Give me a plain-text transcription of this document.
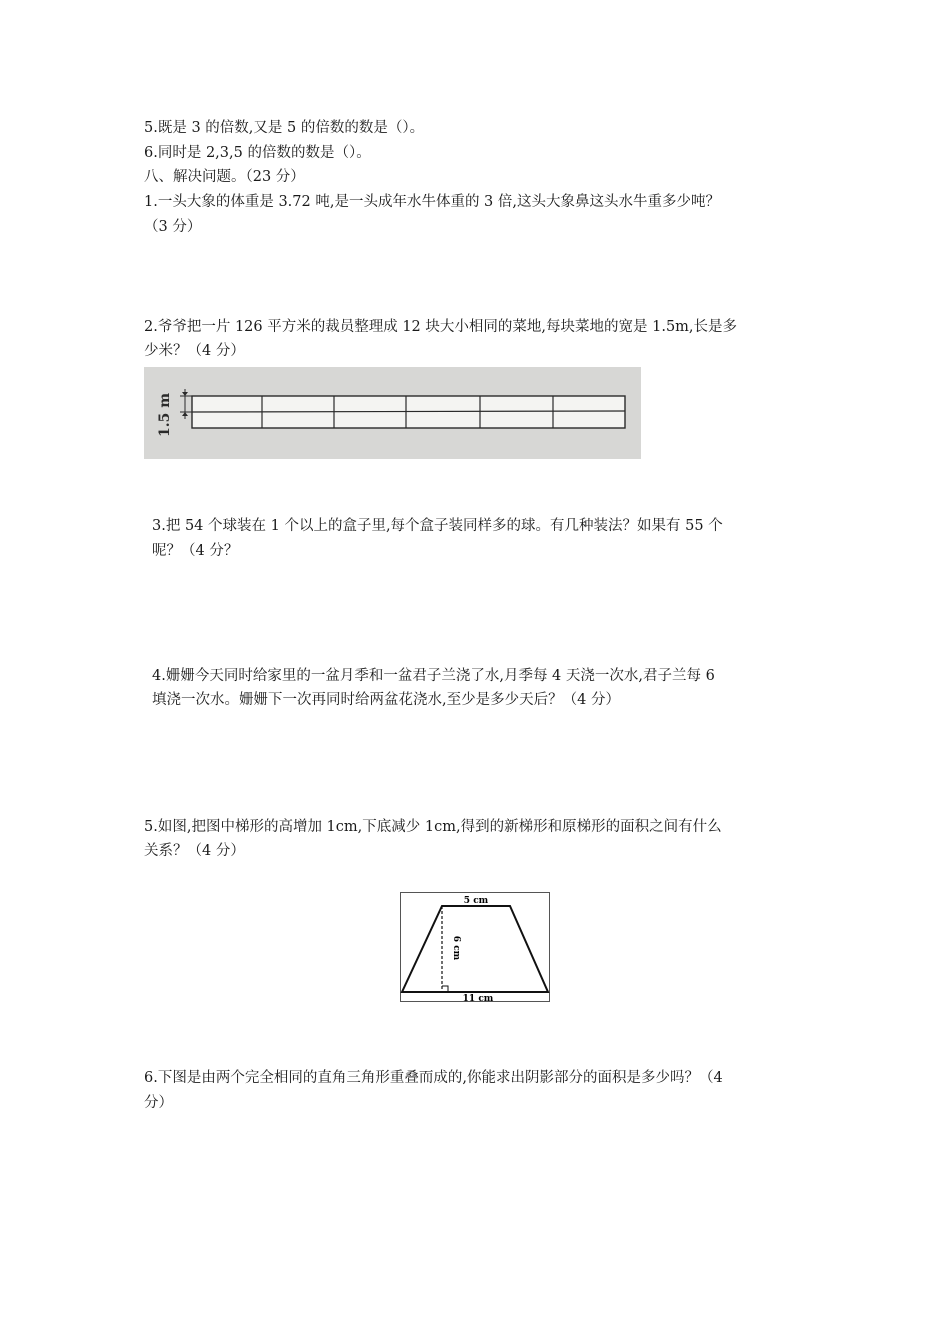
5.既是 3 的倍数,又是 5 的倍数的数是（）。
6.同时是 2,3,5 的倍数的数是（）。
八、解决问题。（23 分）
1.一头大象的体重是 3.72 吨,是一头成年水牛体重的 3 倍,这头大象鼻这头水牛重多少吨？
（3 分）
2.爷爷把一片 126 平方米的裁员整理成 12 块大小相同的菜地,每块菜地的宽是 1.5m,长是多
少米？（4 分）
1.5 m
3.把 54 个球装在 1 个以上的盒子里,每个盒子装同样多的球。有几种装法？如果有 55 个
呢？（4 分？
4.姗姗今天同时给家里的一盆月季和一盆君子兰浇了水,月季每 4 天浇一次水,君子兰每 6
填浇一次水。姗姗下一次再同时给两盆花浇水,至少是多少天后？（4 分）
5.如图,把图中梯形的高增加 1cm,下底减少 1cm,得到的新梯形和原梯形的面积之间有什么
关系？（4 分）
5 cm
6 cm
11 cm
6.下图是由两个完全相同的直角三角形重叠而成的,你能求出阴影部分的面积是多少吗？（4
分）
